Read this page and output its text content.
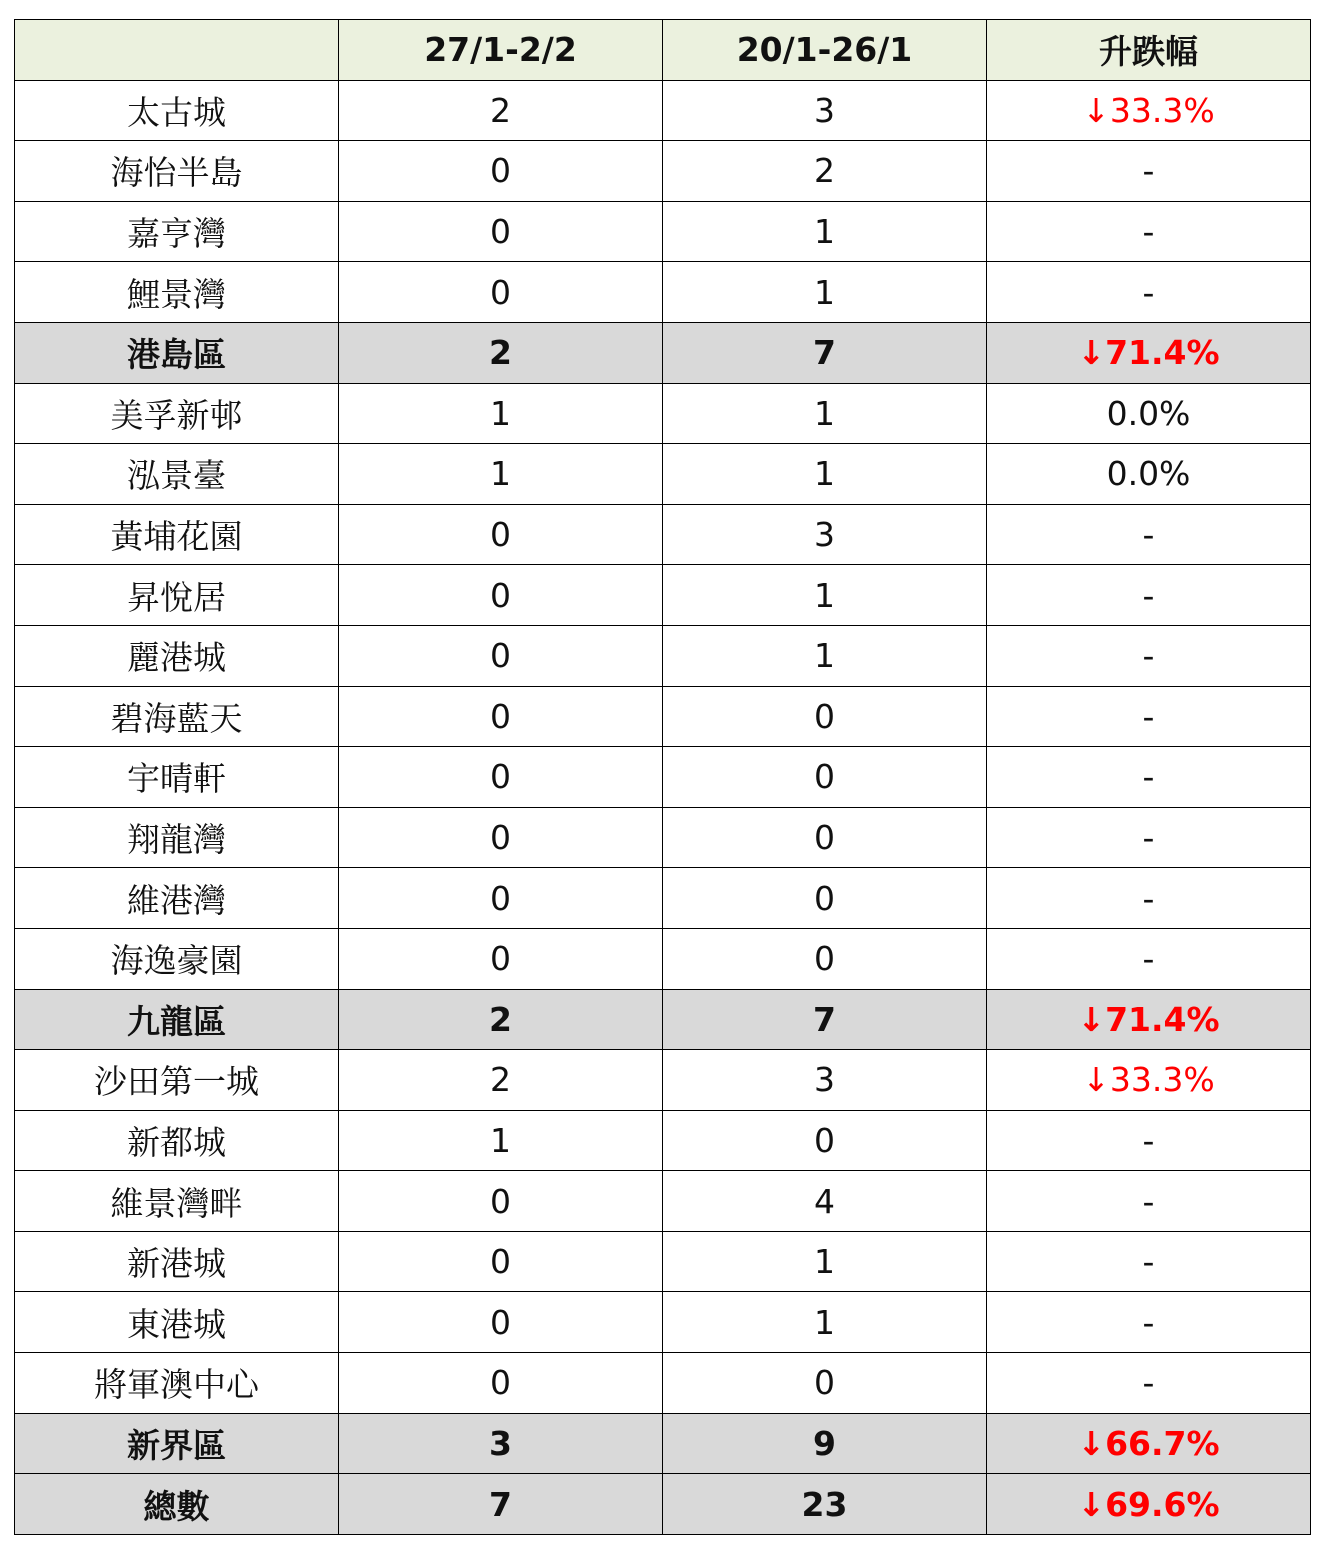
	27/1-2/2	20/1-26/1	升跌幅
太古城	2	3	↓33.3%
海怡半島	0	2	-
嘉亨灣	0	1	-
鯉景灣	0	1	-
港島區	2	7	↓71.4%
美孚新邨	1	1	0.0%
泓景臺	1	1	0.0%
黃埔花園	0	3	-
昇悅居	0	1	-
麗港城	0	1	-
碧海藍天	0	0	-
宇晴軒	0	0	-
翔龍灣	0	0	-
維港灣	0	0	-
海逸豪園	0	0	-
九龍區	2	7	↓71.4%
沙田第一城	2	3	↓33.3%
新都城	1	0	-
維景灣畔	0	4	-
新港城	0	1	-
東港城	0	1	-
將軍澳中心	0	0	-
新界區	3	9	↓66.7%
總數	7	23	↓69.6%
